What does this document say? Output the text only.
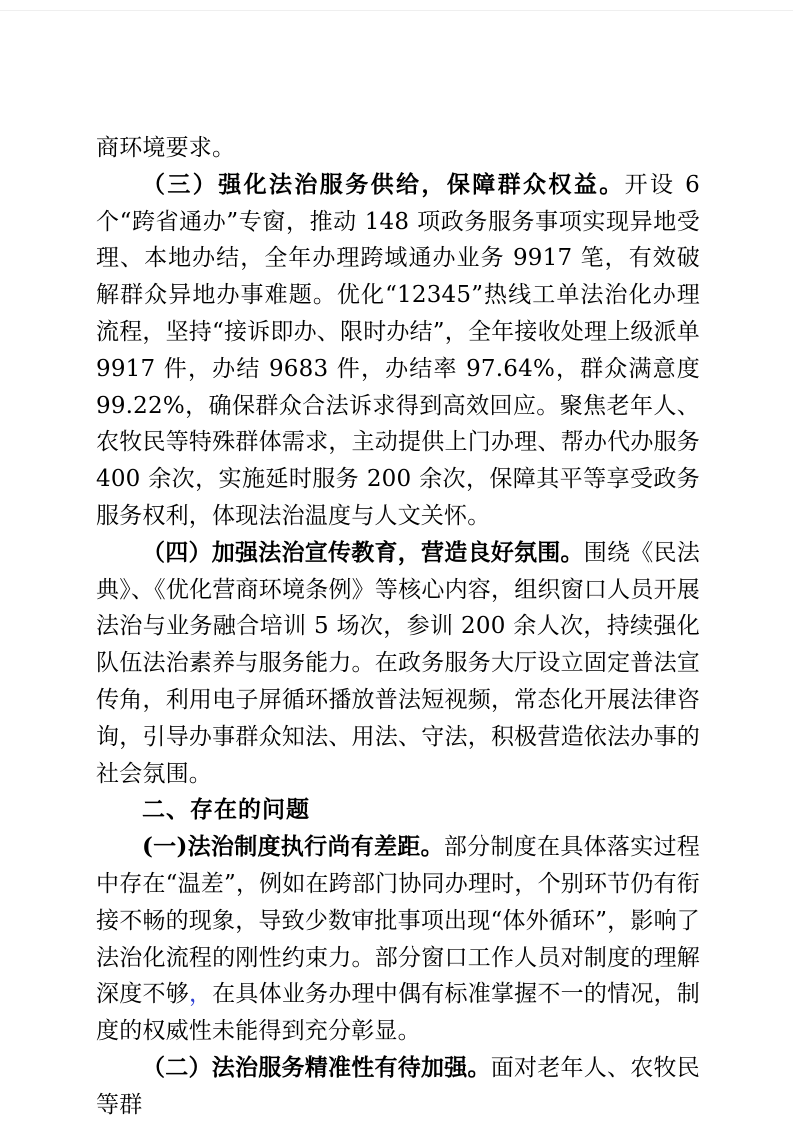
商环境要求。

（三）强化法治服务供给，保障群众权益。开设 6 个“跨省通办”专窗，推动 148 项政务服务事项实现异地受理、本地办结，全年办理跨域通办业务 9917 笔，有效破解群众异地办事难题。优化“12345”热线工单法治化办理流程，坚持“接诉即办、限时办结”，全年接收处理上级派单 9917 件，办结 9683 件，办结率 97.64%，群众满意度 99.22%，确保群众合法诉求得到高效回应。聚焦老年人、农牧民等特殊群体需求，主动提供上门办理、帮办代办服务 400 余次，实施延时服务 200 余次，保障其平等享受政务服务权利，体现法治温度与人文关怀。

（四）加强法治宣传教育，营造良好氛围。围绕《民法典》、《优化营商环境条例》等核心内容，组织窗口人员开展法治与业务融合培训 5 场次，参训 200 余人次，持续强化队伍法治素养与服务能力。在政务服务大厅设立固定普法宣传角，利用电子屏循环播放普法短视频，常态化开展法律咨询，引导办事群众知法、用法、守法，积极营造依法办事的社会氛围。

二、存在的问题

(一)法治制度执行尚有差距。部分制度在具体落实过程中存在“温差”，例如在跨部门协同办理时，个别环节仍有衔接不畅的现象，导致少数审批事项出现“体外循环”，影响了法治化流程的刚性约束力。部分窗口工作人员对制度的理解深度不够，在具体业务办理中偶有标准掌握不一的情况，制度的权威性未能得到充分彰显。

（二）法治服务精准性有待加强。面对老年人、农牧民等群
